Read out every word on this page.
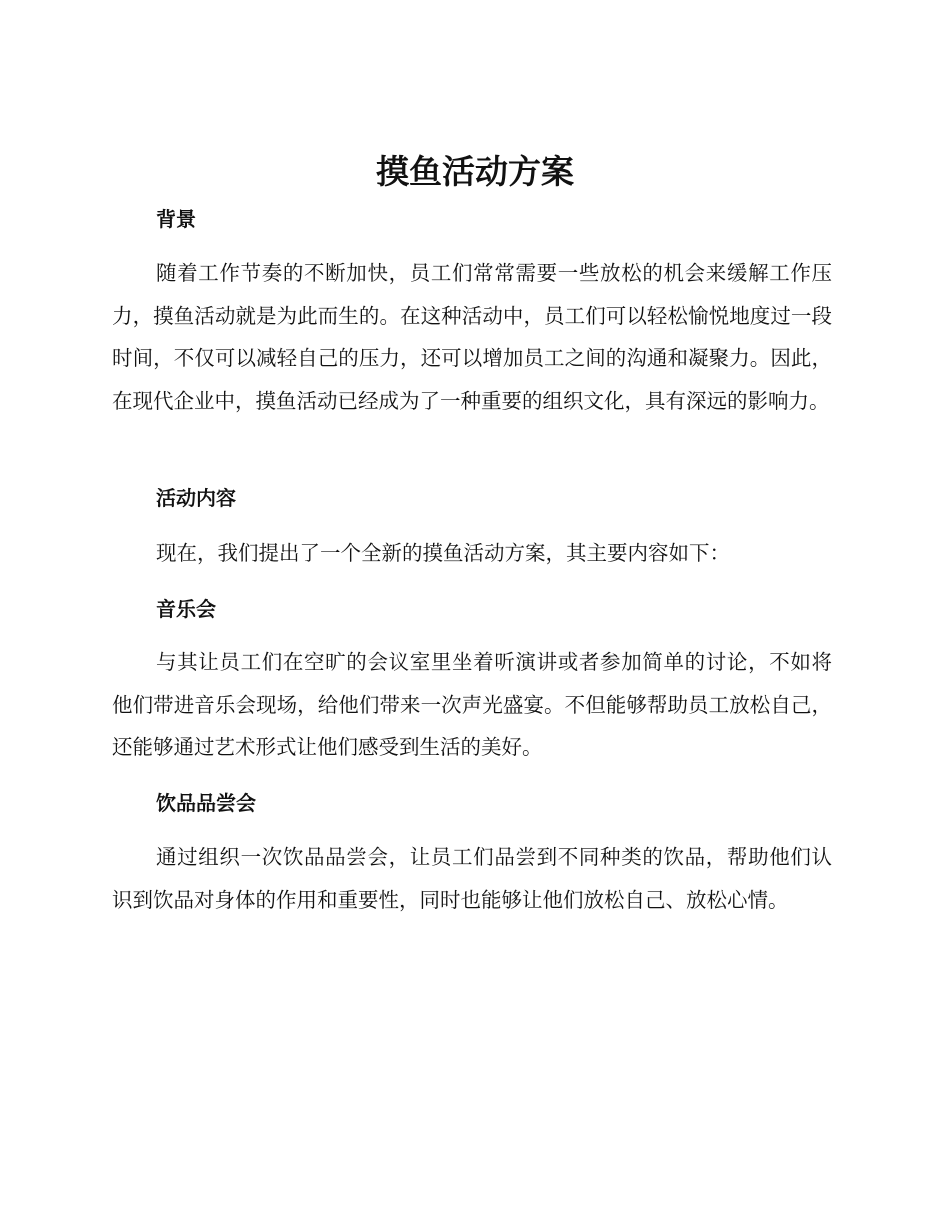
摸鱼活动方案
背景

随着工作节奏的不断加快，员工们常常需要一些放松的机会来缓解工作压力，摸鱼活动就是为此而生的。在这种活动中，员工们可以轻松愉悦地度过一段时间，不仅可以减轻自己的压力，还可以增加员工之间的沟通和凝聚力。因此，在现代企业中，摸鱼活动已经成为了一种重要的组织文化，具有深远的影响力。

活动内容

现在，我们提出了一个全新的摸鱼活动方案，其主要内容如下：

音乐会

与其让员工们在空旷的会议室里坐着听演讲或者参加简单的讨论，不如将他们带进音乐会现场，给他们带来一次声光盛宴。不但能够帮助员工放松自己，还能够通过艺术形式让他们感受到生活的美好。

饮品品尝会

通过组织一次饮品品尝会，让员工们品尝到不同种类的饮品，帮助他们认识到饮品对身体的作用和重要性，同时也能够让他们放松自己、放松心情。
